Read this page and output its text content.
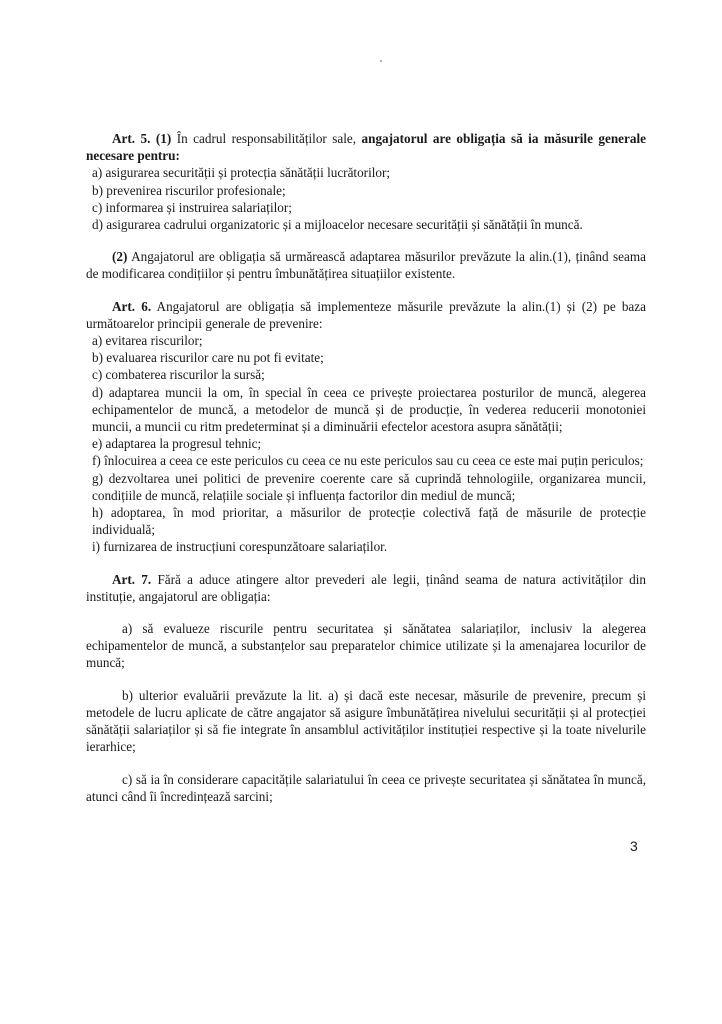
Art. 5. (1) În cadrul responsabilităților sale, angajatorul are obligația să ia măsurile generale necesare pentru:

a) asigurarea securității și protecția sănătății lucrătorilor;

b) prevenirea riscurilor profesionale;

c) informarea și instruirea salariaților;

d) asigurarea cadrului organizatoric și a mijloacelor necesare securității și sănătății în muncă.

(2) Angajatorul are obligația să urmărească adaptarea măsurilor prevăzute la alin.(1), ținând seama de modificarea condițiilor și pentru îmbunătățirea situațiilor existente.

Art. 6. Angajatorul are obligația să implementeze măsurile prevăzute la alin.(1) și (2) pe baza următoarelor principii generale de prevenire:

a) evitarea riscurilor;

b) evaluarea riscurilor care nu pot fi evitate;

c) combaterea riscurilor la sursă;

d) adaptarea muncii la om, în special în ceea ce privește proiectarea posturilor de muncă, alegerea echipamentelor de muncă, a metodelor de muncă și de producție, în vederea reducerii monotoniei muncii, a muncii cu ritm predeterminat și a diminuării efectelor acestora asupra sănătății;

e) adaptarea la progresul tehnic;

f) înlocuirea a ceea ce este periculos cu ceea ce nu este periculos sau cu ceea ce este mai puțin periculos;

g) dezvoltarea unei politici de prevenire coerente care să cuprindă tehnologiile, organizarea muncii, condițiile de muncă, relațiile sociale și influența factorilor din mediul de muncă;

h) adoptarea, în mod prioritar, a măsurilor de protecție colectivă față de măsurile de protecție individuală;

i) furnizarea de instrucțiuni corespunzătoare salariaților.

Art. 7. Fără a aduce atingere altor prevederi ale legii, ținând seama de natura activităților din instituție, angajatorul are obligația:

a) să evalueze riscurile pentru securitatea și sănătatea salariaților, inclusiv la alegerea echipamentelor de muncă, a substanțelor sau preparatelor chimice utilizate și la amenajarea locurilor de muncă;

b) ulterior evaluării prevăzute la lit. a) și dacă este necesar, măsurile de prevenire, precum și metodele de lucru aplicate de către angajator să asigure îmbunătățirea nivelului securității și al protecției sănătății salariaților și să fie integrate în ansamblul activităților instituției respective și la toate nivelurile ierarhice;

c) să ia în considerare capacitățile salariatului în ceea ce privește securitatea și sănătatea în muncă, atunci când îi încredințează sarcini;

3
